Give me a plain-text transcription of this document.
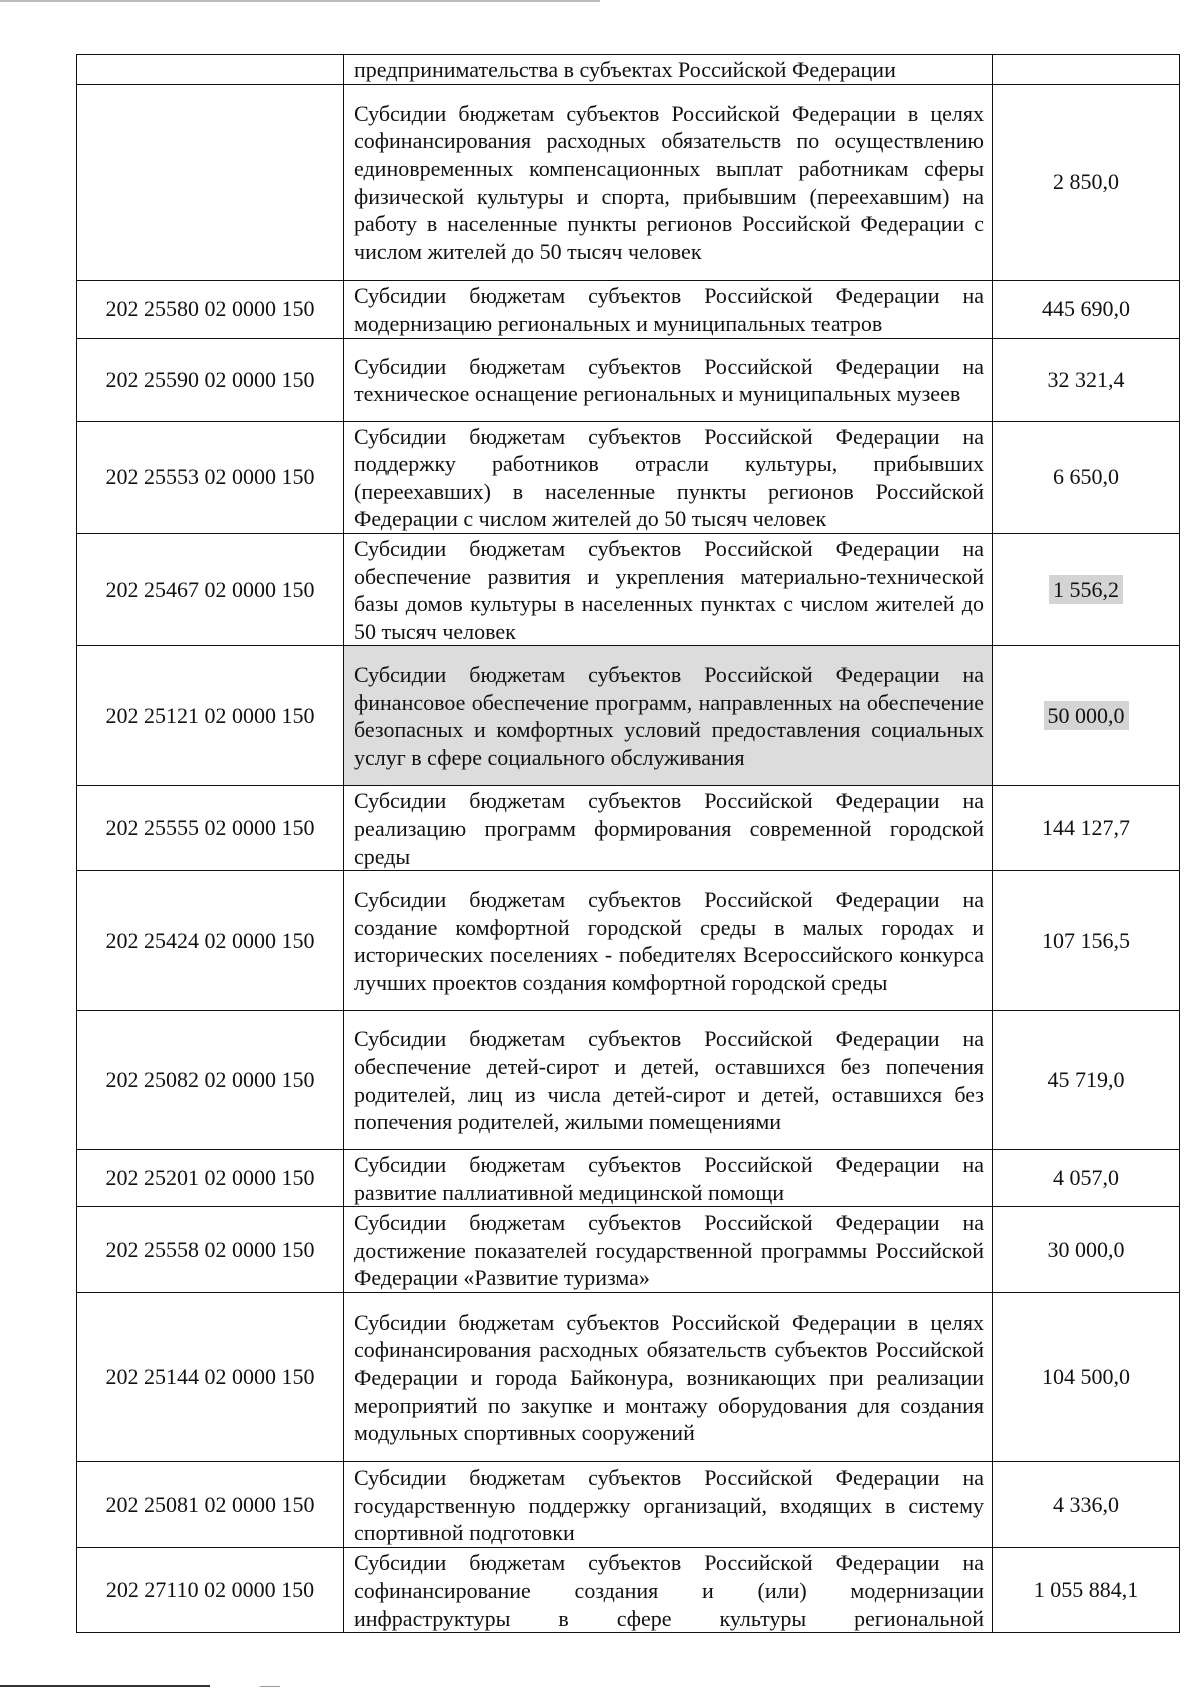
	предпринимательства в субъектах Российской Федерации	
	Субсидии бюджетам субъектов Российской Федерации в целях софинансирования расходных обязательств по осуществлению единовременных компенсационных выплат работникам сферы физической культуры и спорта, прибывшим (переехавшим) на работу в населенные пункты регионов Российской Федерации с числом жителей до 50 тысяч человек	2 850,0
202 25580 02 0000 150	Субсидии бюджетам субъектов Российской Федерации на модернизацию региональных и муниципальных театров	445 690,0
202 25590 02 0000 150	Субсидии бюджетам субъектов Российской Федерации на техническое оснащение региональных и муниципальных музеев	32 321,4
202 25553 02 0000 150	Субсидии бюджетам субъектов Российской Федерации на поддержку работников отрасли культуры, прибывших (переехавших) в населенные пункты регионов Российской Федерации с числом жителей до 50 тысяч человек	6 650,0
202 25467 02 0000 150	Субсидии бюджетам субъектов Российской Федерации на обеспечение развития и укрепления материально-технической базы домов культуры в населенных пунктах с числом жителей до 50 тысяч человек	1 556,2
202 25121 02 0000 150	Субсидии бюджетам субъектов Российской Федерации на финансовое обеспечение программ, направленных на обеспечение безопасных и комфортных условий предоставления социальных услуг в сфере социального обслуживания	50 000,0
202 25555 02 0000 150	Субсидии бюджетам субъектов Российской Федерации на реализацию программ формирования современной городской среды	144 127,7
202 25424 02 0000 150	Субсидии бюджетам субъектов Российской Федерации на создание комфортной городской среды в малых городах и исторических поселениях - победителях Всероссийского конкурса лучших проектов создания комфортной городской среды	107 156,5
202 25082 02 0000 150	Субсидии бюджетам субъектов Российской Федерации на обеспечение детей-сирот и детей, оставшихся без попечения родителей, лиц из числа детей-сирот и детей, оставшихся без попечения родителей, жилыми помещениями	45 719,0
202 25201 02 0000 150	Субсидии бюджетам субъектов Российской Федерации на развитие паллиативной медицинской помощи	4 057,0
202 25558 02 0000 150	Субсидии бюджетам субъектов Российской Федерации на достижение показателей государственной программы Российской Федерации «Развитие туризма»	30 000,0
202 25144 02 0000 150	Субсидии бюджетам субъектов Российской Федерации в целях софинансирования расходных обязательств субъектов Российской Федерации и города Байконура, возникающих при реализации мероприятий по закупке и монтажу оборудования для создания модульных спортивных сооружений	104 500,0
202 25081 02 0000 150	Субсидии бюджетам субъектов Российской Федерации на государственную поддержку организаций, входящих в систему спортивной подготовки	4 336,0
202 27110 02 0000 150	Субсидии бюджетам субъектов Российской Федерации на софинансирование создания и (или) модернизации инфраструктуры в сфере культуры региональной	1 055 884,1
